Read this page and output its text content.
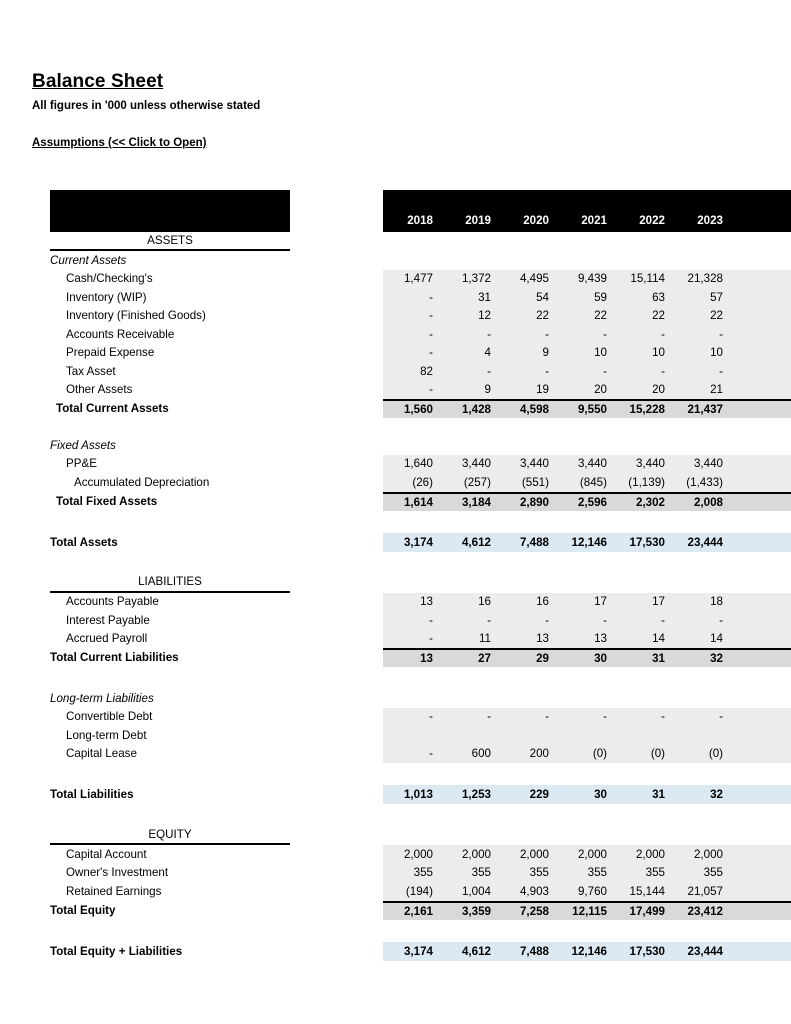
Balance Sheet
All figures in '000 unless otherwise stated
Assumptions (<< Click to Open)
2018	2019	2020	2021	2022	2023
ASSETS
Current Assets
Cash/Checking's	1,477	1,372	4,495	9,439	15,114	21,328
Inventory (WIP)	-	31	54	59	63	57
Inventory (Finished Goods)	-	12	22	22	22	22
Accounts Receivable	-	-	-	-	-	-
Prepaid Expense	-	4	9	10	10	10
Tax Asset	82	-	-	-	-	-
Other Assets	-	9	19	20	20	21
Total Current Assets	1,560	1,428	4,598	9,550	15,228	21,437
Fixed Assets
PP&E	1,640	3,440	3,440	3,440	3,440	3,440
Accumulated Depreciation	(26)	(257)	(551)	(845)	(1,139)	(1,433)
Total Fixed Assets	1,614	3,184	2,890	2,596	2,302	2,008
Total Assets	3,174	4,612	7,488	12,146	17,530	23,444
LIABILITIES
Accounts Payable	13	16	16	17	17	18
Interest Payable	-	-	-	-	-	-
Accrued Payroll	-	11	13	13	14	14
Total Current Liabilities	13	27	29	30	31	32
Long-term Liabilities
Convertible Debt	-	-	-	-	-	-
Long-term Debt
Capital Lease	-	600	200	(0)	(0)	(0)
Total Liabilities	1,013	1,253	229	30	31	32
EQUITY
Capital Account	2,000	2,000	2,000	2,000	2,000	2,000
Owner's Investment	355	355	355	355	355	355
Retained Earnings	(194)	1,004	4,903	9,760	15,144	21,057
Total Equity	2,161	3,359	7,258	12,115	17,499	23,412
Total Equity + Liabilities	3,174	4,612	7,488	12,146	17,530	23,444
